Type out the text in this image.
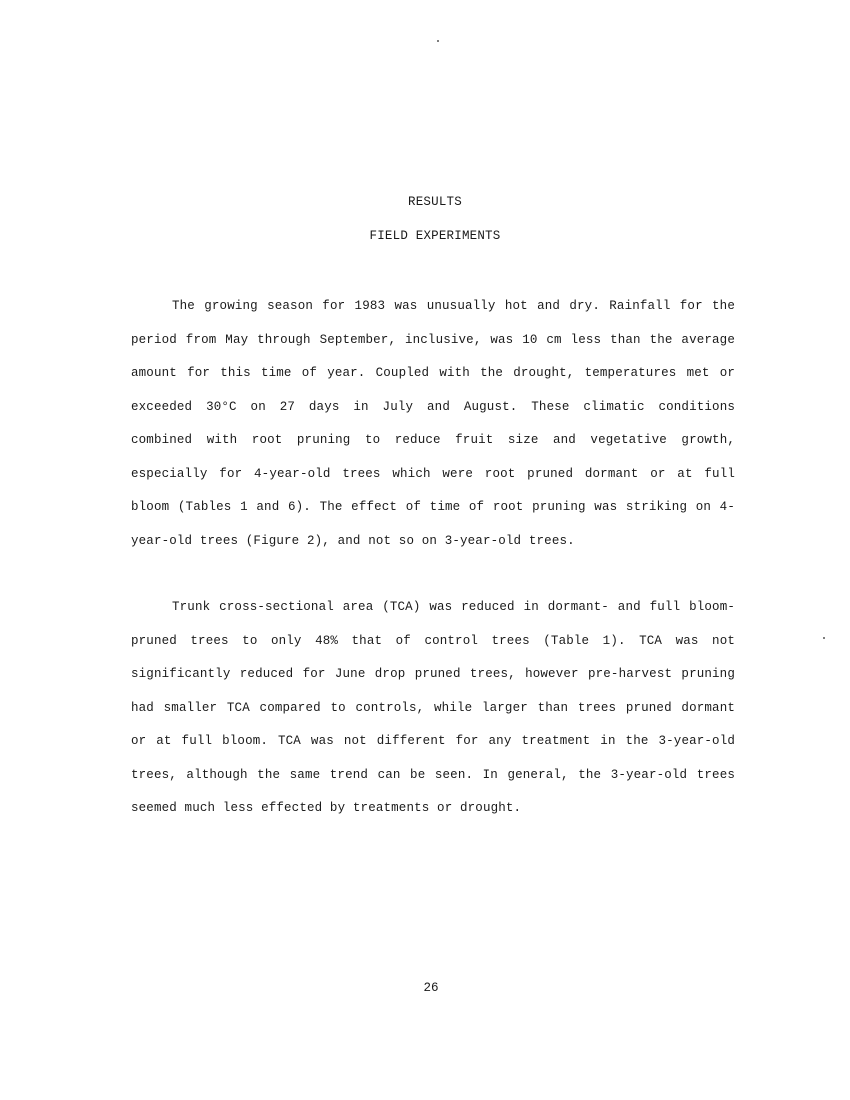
RESULTS
FIELD EXPERIMENTS

The growing season for 1983 was unusually hot and dry. Rainfall for the period from May through September, inclusive, was 10 cm less than the average amount for this time of year. Coupled with the drought, temperatures met or exceeded 30°C on 27 days in July and August. These climatic conditions combined with root pruning to reduce fruit size and vegetative growth, especially for 4-year-old trees which were root pruned dormant or at full bloom (Tables 1 and 6). The effect of time of root pruning was striking on 4-year-old trees (Figure 2), and not so on 3-year-old trees.

Trunk cross-sectional area (TCA) was reduced in dormant- and full bloom-pruned trees to only 48% that of control trees (Table 1). TCA was not significantly reduced for June drop pruned trees, however pre-harvest pruning had smaller TCA compared to controls, while larger than trees pruned dormant or at full bloom. TCA was not different for any treatment in the 3-year-old trees, although the same trend can be seen. In general, the 3-year-old trees seemed much less effected by treatments or drought.

26
